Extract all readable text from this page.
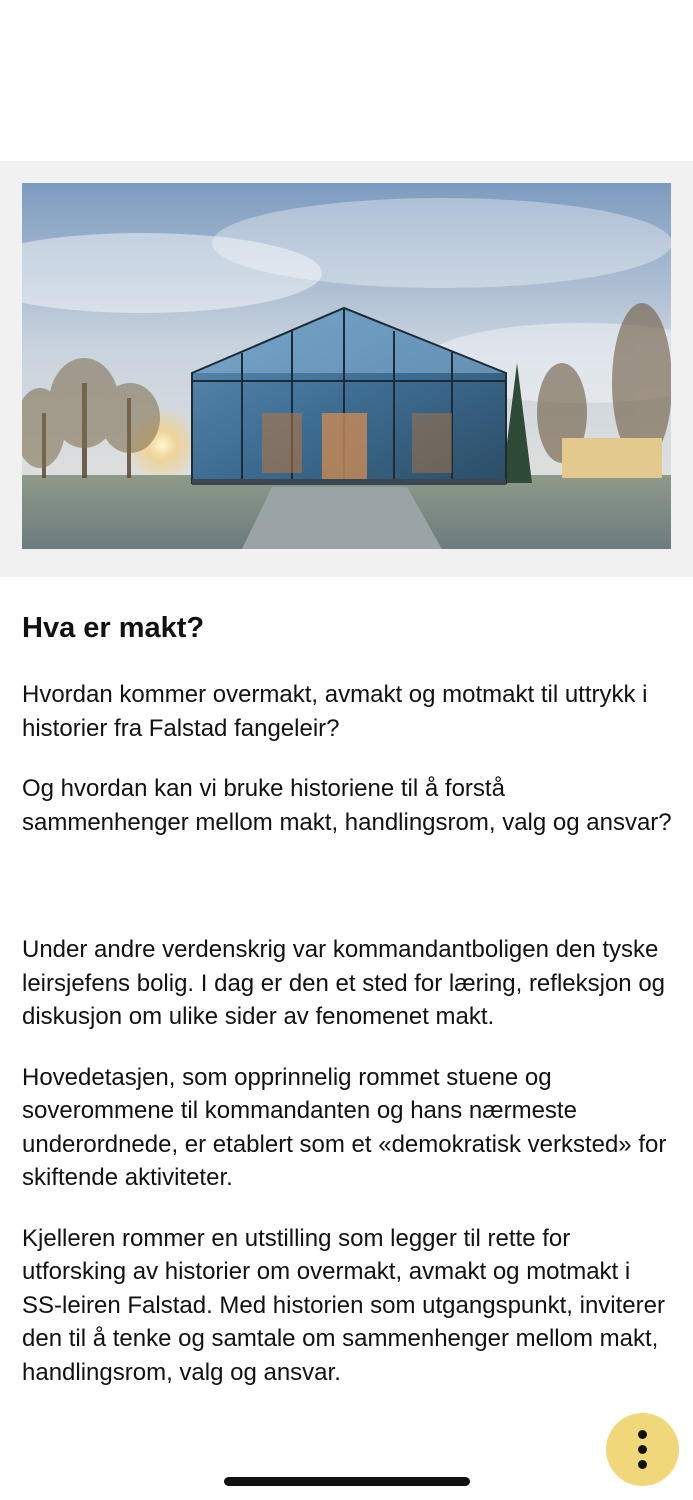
Hva er makt?

Hvordan kommer overmakt, avmakt og motmakt til uttrykk i historier fra Falstad fangeleir?

Og hvordan kan vi bruke historiene til å forstå sammenhenger mellom makt, handlingsrom, valg og ansvar?

Under andre verdenskrig var kommandantboligen den tyske leirsjefens bolig. I dag er den et sted for læring, refleksjon og diskusjon om ulike sider av fenomenet makt.

Hovedetasjen, som opprinnelig rommet stuene og soverommene til kommandanten og hans nærmeste underordnede, er etablert som et «demokratisk verksted» for skiftende aktiviteter.

Kjelleren rommer en utstilling som legger til rette for utforsking av historier om overmakt, avmakt og motmakt i SS-leiren Falstad. Med historien som utgangspunkt, inviterer den til å tenke og samtale om sammenhenger mellom makt, handlingsrom, valg og ansvar.
